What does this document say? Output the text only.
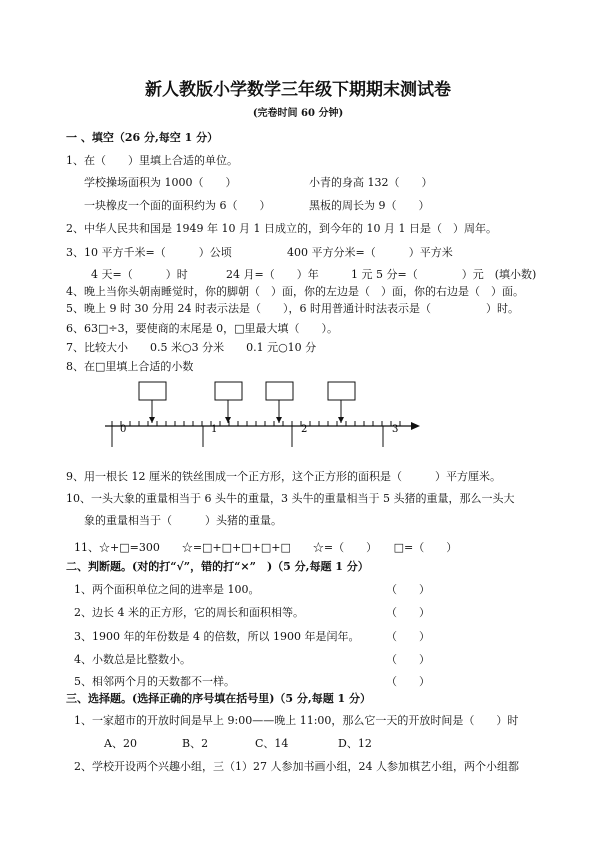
新人教版小学数学三年级下期期末测试卷
(完卷时间 60 分钟)
一 、填空（26 分,每空 1 分）
1、在（　　）里填上合适的单位。
学校操场面积为 1000（　　）	小青的身高 132（　　）
一块橡皮一个面的面积约为 6（　　）	黑板的周长为 9（　　）
2、中华人民共和国是 1949 年 10 月 1 日成立的，到今年的 10 月 1 日是（　）周年。
3、10 平方千米=（　　　）公顷	400 平方分米=（　　　）平方米
4 天=（　　　）时	24 月=（　　）年	1 元 5 分=（　　　　）元　(填小数)
4、晚上当你头朝南睡觉时，你的脚朝（　）面，你的左边是（　）面，你的右边是（　）面。
5、晚上 9 时 30 分用 24 时表示法是（　　），6 时用普通计时法表示是（　　　　　）时。
6、63□÷3，要使商的末尾是 0，□里最大填（　　）。
7、比较大小　　0.5 米○3 分米　　0.1 元○10 分
8、在□里填上合适的小数
0	1	2	3
9、用一根长 12 厘米的铁丝围成一个正方形，这个正方形的面积是（　　　）平方厘米。
10、一头大象的重量相当于 6 头牛的重量，3 头牛的重量相当于 5 头猪的重量，那么一头大
象的重量相当于（　　　）头猪的重量。
11、☆+□=300　　☆=□+□+□+□+□　　☆=（　　）　　□=（　　）
二、判断题。(对的打“√”，错的打“×”　)（5 分,每题 1 分）
1、两个面积单位之间的进率是 100。	（　　）
2、边长 4 米的正方形，它的周长和面积相等。	（　　）
3、1900 年的年份数是 4 的倍数，所以 1900 年是闰年。 （　　）
4、小数总是比整数小。	（　　）
5、相邻两个月的天数都不一样。	（　　）
三、选择题。(选择正确的序号填在括号里)（5 分,每题 1 分）
1、一家超市的开放时间是早上 9:00——晚上 11:00，那么它一天的开放时间是（　　）时
A、20	B、2	C、14	D、12
2、学校开设两个兴趣小组，三（1）27 人参加书画小组，24 人参加棋艺小组，两个小组都
